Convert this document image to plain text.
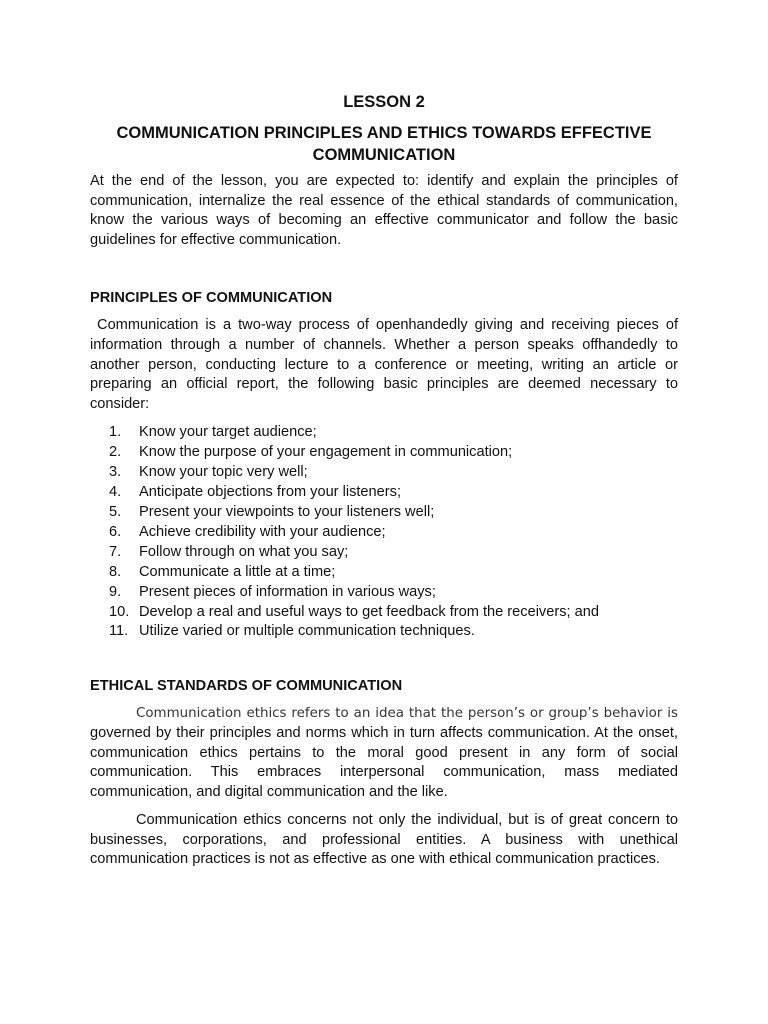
LESSON 2
COMMUNICATION PRINCIPLES AND ETHICS TOWARDS EFFECTIVE COMMUNICATION

At the end of the lesson, you are expected to: identify and explain the principles of communication, internalize the real essence of the ethical standards of communication, know the various ways of becoming an effective communicator and follow the basic guidelines for effective communication.

PRINCIPLES OF COMMUNICATION

Communication is a two-way process of openhandedly giving and receiving pieces of information through a number of channels. Whether a person speaks offhandedly to another person, conducting lecture to a conference or meeting, writing an article or preparing an official report, the following basic principles are deemed necessary to consider:

1.	Know your target audience;
2.	Know the purpose of your engagement in communication;
3.	Know your topic very well;
4.	Anticipate objections from your listeners;
5.	Present your viewpoints to your listeners well;
6.	Achieve credibility with your audience;
7.	Follow through on what you say;
8.	Communicate a little at a time;
9.	Present pieces of information in various ways;
10. Develop a real and useful ways to get feedback from the receivers; and
11. Utilize varied or multiple communication techniques.
ETHICAL STANDARDS OF COMMUNICATION

Communication ethics refers to an idea that the person’s or group’s behavior is governed by their principles and norms which in turn affects communication. At the onset, communication ethics pertains to the moral good present in any form of social communication. This embraces interpersonal communication, mass mediated communication, and digital communication and the like.

Communication ethics concerns not only the individual, but is of great concern to businesses, corporations, and professional entities. A business with unethical communication practices is not as effective as one with ethical communication practices.
